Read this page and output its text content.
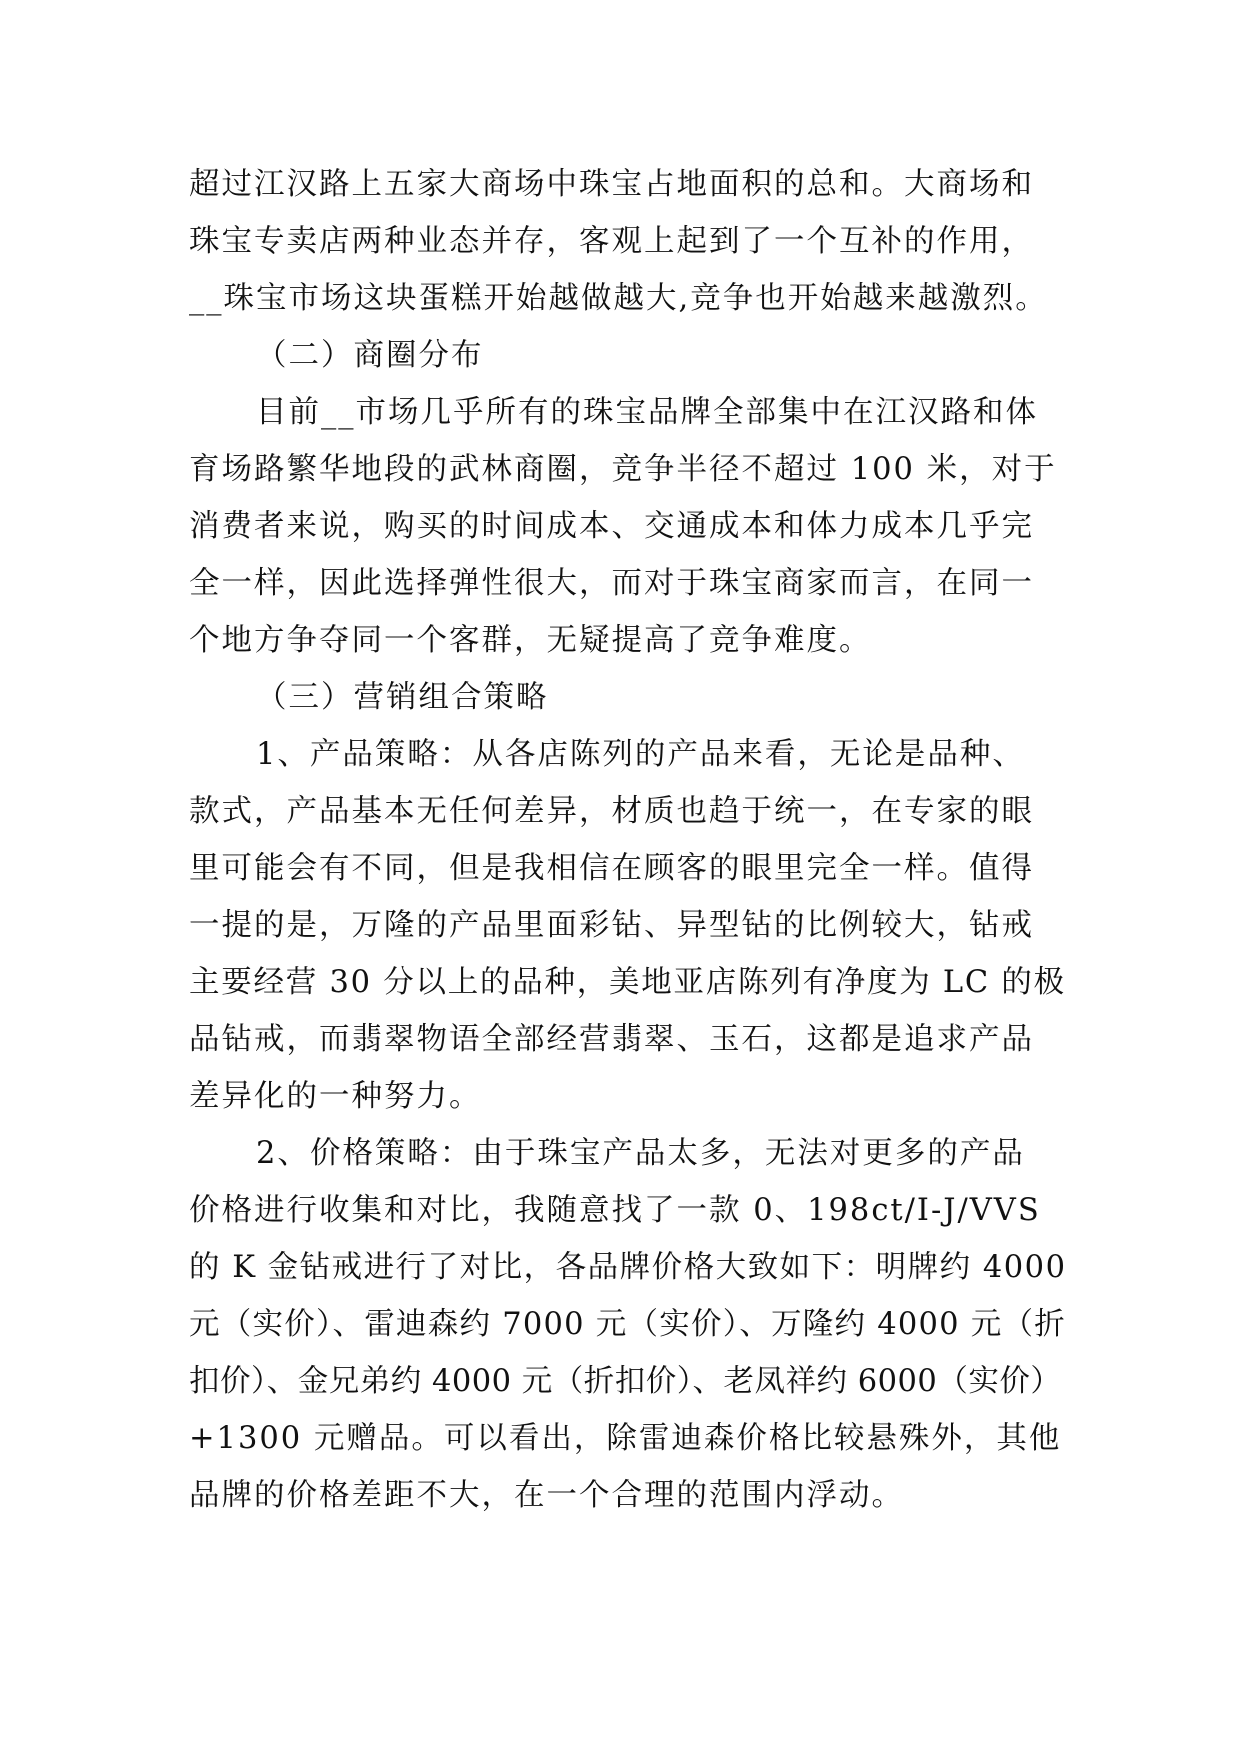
超过江汉路上五家大商场中珠宝占地面积的总和。大商场和
珠宝专卖店两种业态并存，客观上起到了一个互补的作用，
__珠宝市场这块蛋糕开始越做越大,竞争也开始越来越激烈。
（二）商圈分布
目前__市场几乎所有的珠宝品牌全部集中在江汉路和体
育场路繁华地段的武林商圈，竞争半径不超过 100 米，对于
消费者来说，购买的时间成本、交通成本和体力成本几乎完
全一样，因此选择弹性很大，而对于珠宝商家而言，在同一
个地方争夺同一个客群，无疑提高了竞争难度。
（三）营销组合策略
1、产品策略：从各店陈列的产品来看，无论是品种、
款式，产品基本无任何差异，材质也趋于统一，在专家的眼
里可能会有不同，但是我相信在顾客的眼里完全一样。值得
一提的是，万隆的产品里面彩钻、异型钻的比例较大，钻戒
主要经营 30 分以上的品种，美地亚店陈列有净度为 LC 的极
品钻戒，而翡翠物语全部经营翡翠、玉石，这都是追求产品
差异化的一种努力。
2、价格策略：由于珠宝产品太多，无法对更多的产品
价格进行收集和对比，我随意找了一款 0、198ct/I-J/VVS
的 K 金钻戒进行了对比，各品牌价格大致如下：明牌约 4000
元（实价）、雷迪森约 7000 元（实价）、万隆约 4000 元（折
扣价）、金兄弟约 4000 元（折扣价）、老凤祥约 6000（实价）
+1300 元赠品。可以看出，除雷迪森价格比较悬殊外，其他
品牌的价格差距不大，在一个合理的范围内浮动。
